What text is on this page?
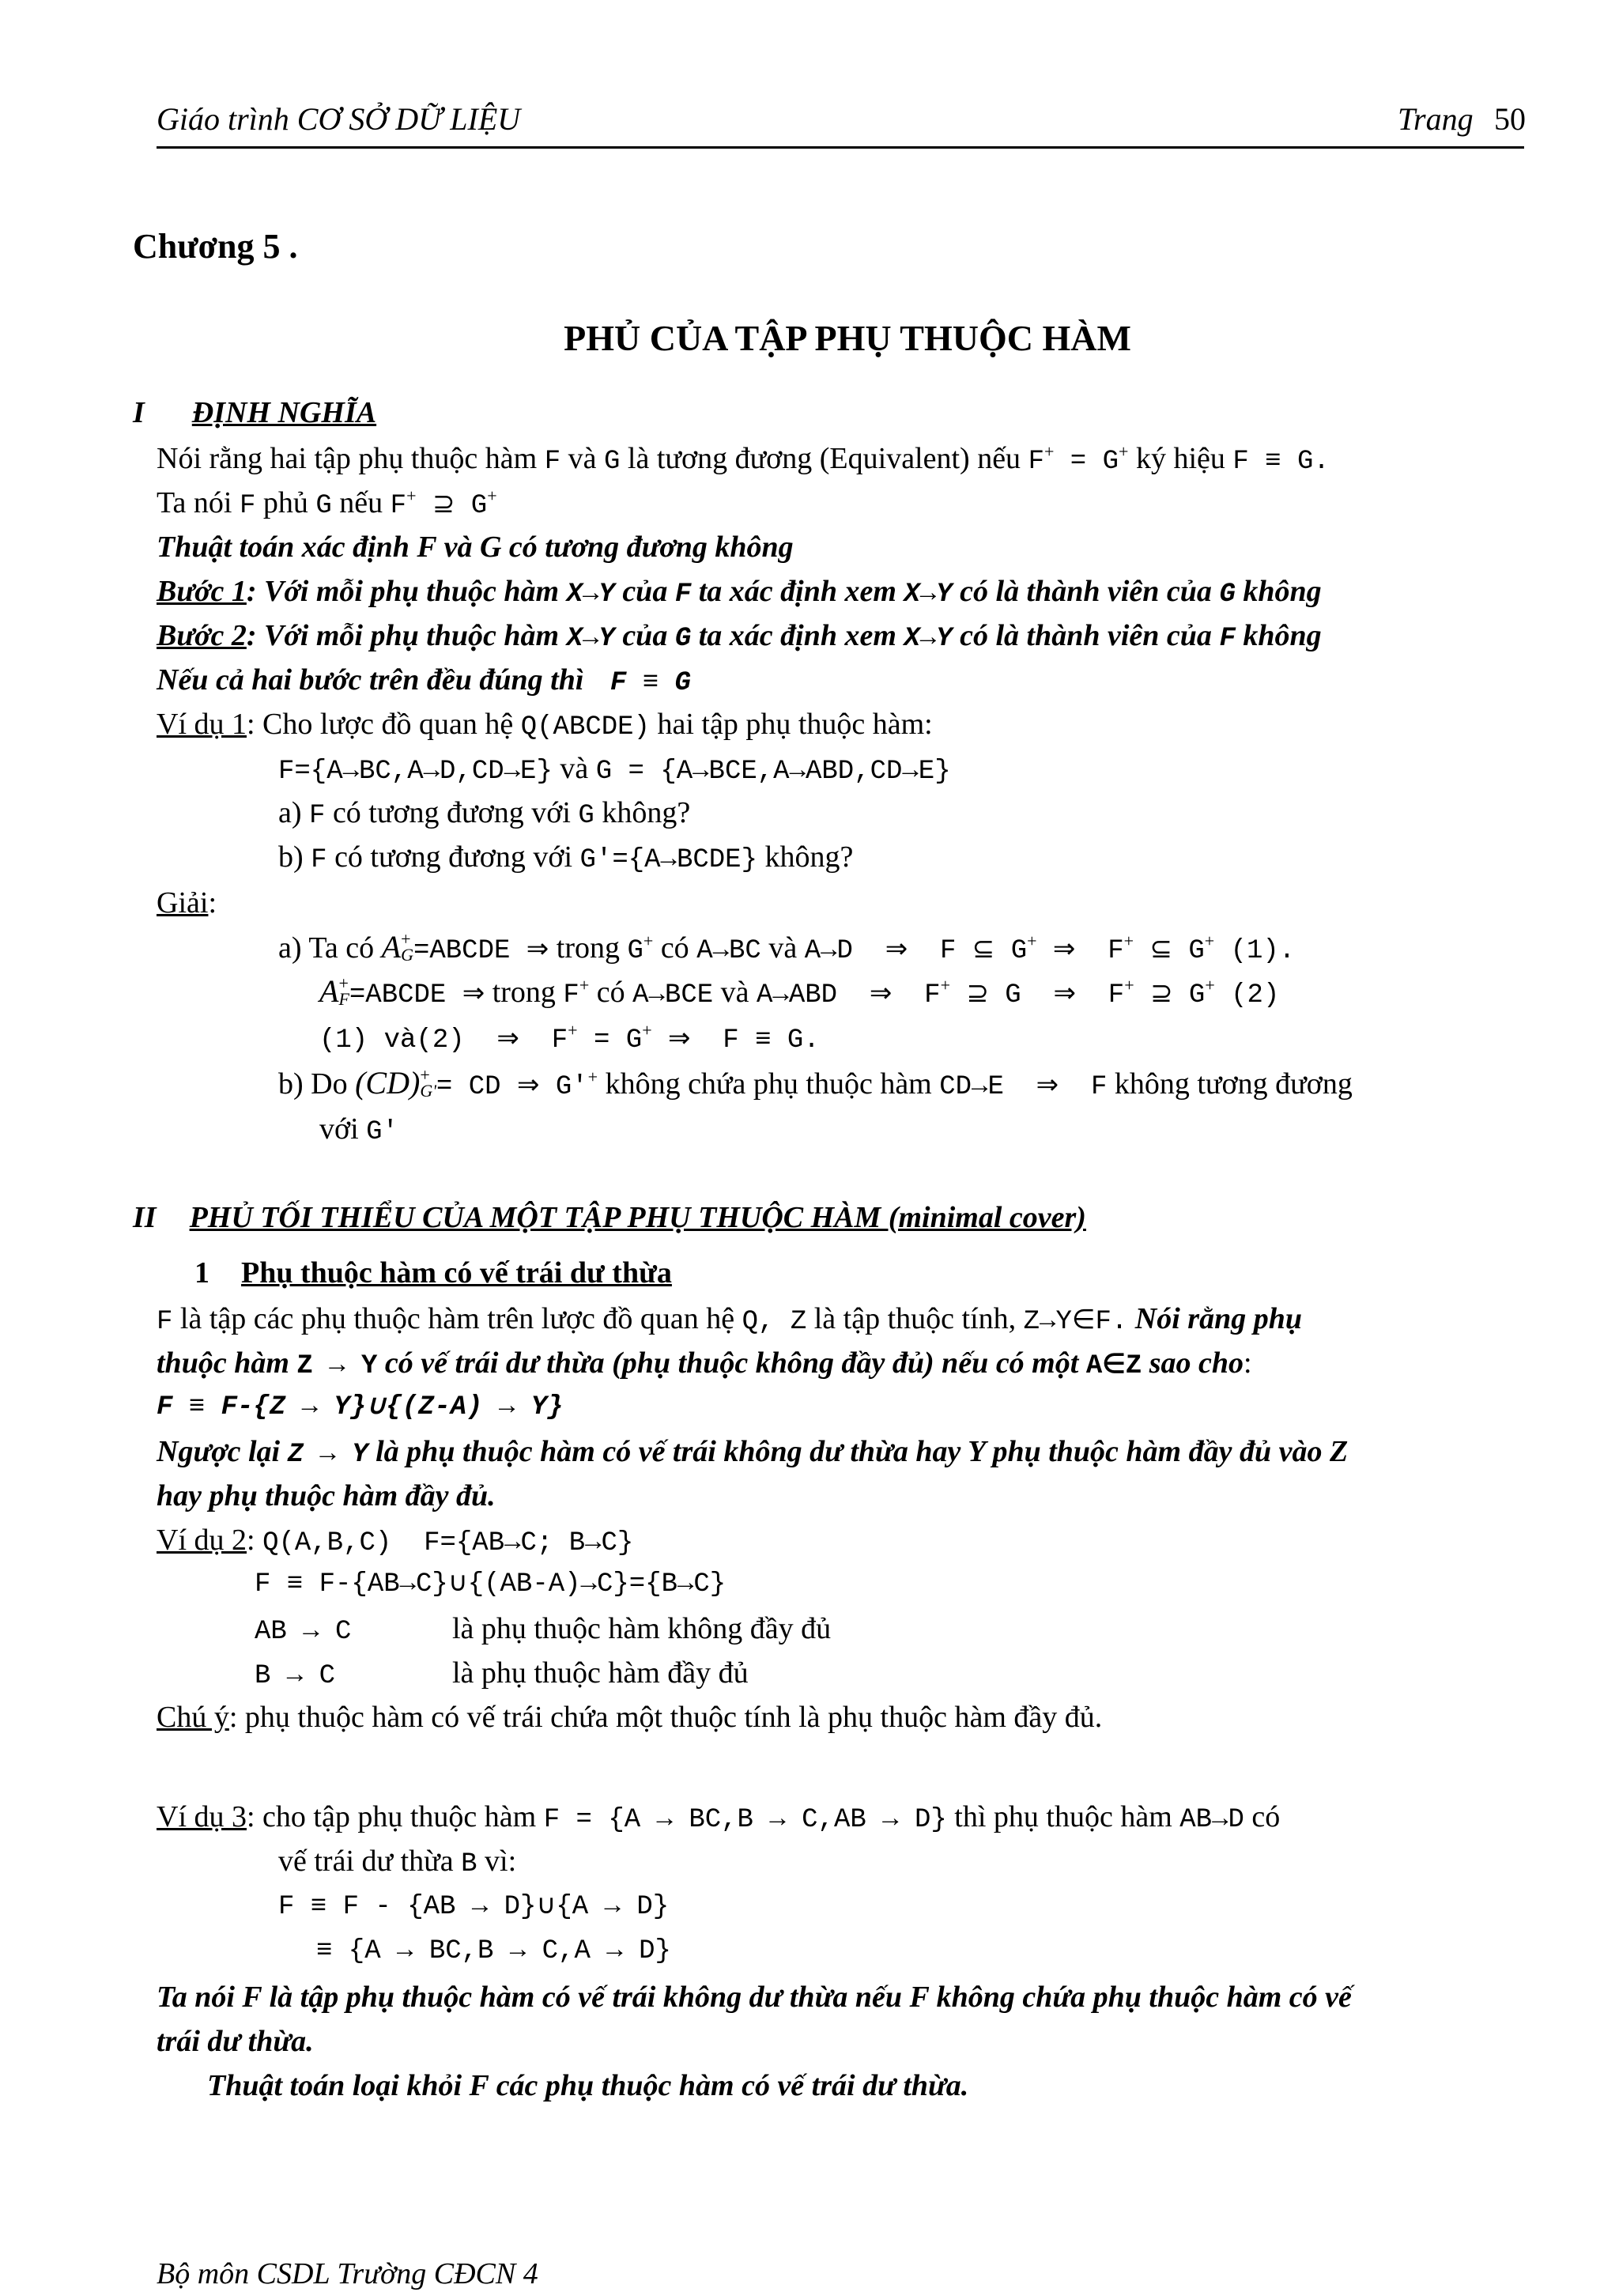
Giáo trình CƠ SỞ DỮ LIỆU	Trang 50
Chương 5 .
PHỦ CỦA TẬP PHỤ THUỘC HÀM
I ĐỊNH NGHĨA
Nói rằng hai tập phụ thuộc hàm F và G là tương đương (Equivalent) nếu F+ = G+ ký hiệu F ≡ G.
Ta nói F phủ G nếu F+ ⊇ G+
Thuật toán xác định F và G có tương đương không
Bước 1: Với mỗi phụ thuộc hàm X→Y của F ta xác định xem X→Y có là thành viên của G không
Bước 2: Với mỗi phụ thuộc hàm X→Y của G ta xác định xem X→Y có là thành viên của F không
Nếu cả hai bước trên đều đúng thì F ≡ G
Ví dụ 1: Cho lược đồ quan hệ Q(ABCDE) hai tập phụ thuộc hàm:
F={A→BC,A→D,CD→E} và G = {A→BCE,A→ABD,CD→E}
a) F có tương đương với G không?
b) F có tương đương với G′={A→BCDE} không?
Giải:
a) Ta có A +
G =ABCDE ⇒ trong G+ có A→BC và A→D  ⇒  F ⊆ G+ ⇒  F+ ⊆ G+ (1).
A +
F =ABCDE ⇒ trong F+ có A→BCE và A→ABD  ⇒  F+ ⊇ G  ⇒  F+ ⊇ G+ (2)
(1) và(2)  ⇒  F+ = G+ ⇒  F ≡ G.
b) Do (CD) +
G' = CD ⇒ G′+ không chứa phụ thuộc hàm CD→E  ⇒  F không tương đương
với G′
II PHỦ TỐI THIỂU CỦA MỘT TẬP PHỤ THUỘC HÀM (minimal cover)
1 Phụ thuộc hàm có vế trái dư thừa
F là tập các phụ thuộc hàm trên lược đồ quan hệ Q, Z là tập thuộc tính, Z→Y∈F. Nói rằng phụ
thuộc hàm Z → Y có vế trái dư thừa (phụ thuộc không đầy đủ) nếu có một A∈Z sao cho:
F ≡ F-{Z → Y}∪{(Z-A) → Y}
Ngược lại Z → Y là phụ thuộc hàm có vế trái không dư thừa hay Y phụ thuộc hàm đầy đủ vào Z
hay phụ thuộc hàm đầy đủ.
Ví dụ 2: Q(A,B,C)  F={AB→C; B→C}
F ≡ F-{AB→C}∪{(AB-A)→C}={B→C}
AB → C	là phụ thuộc hàm không đầy đủ
B → C	là phụ thuộc hàm đầy đủ
Chú ý: phụ thuộc hàm có vế trái chứa một thuộc tính là phụ thuộc hàm đầy đủ.
Ví dụ 3: cho tập phụ thuộc hàm F = {A → BC,B → C,AB → D} thì phụ thuộc hàm AB→D có
vế trái dư thừa B vì:
F ≡ F - {AB → D}∪{A → D}
≡ {A → BC,B → C,A → D}
Ta nói F là tập phụ thuộc hàm có vế trái không dư thừa nếu F không chứa phụ thuộc hàm có vế
trái dư thừa.
Thuật toán loại khỏi F các phụ thuộc hàm có vế trái dư thừa.
Bộ môn CSDL Trường CĐCN 4
